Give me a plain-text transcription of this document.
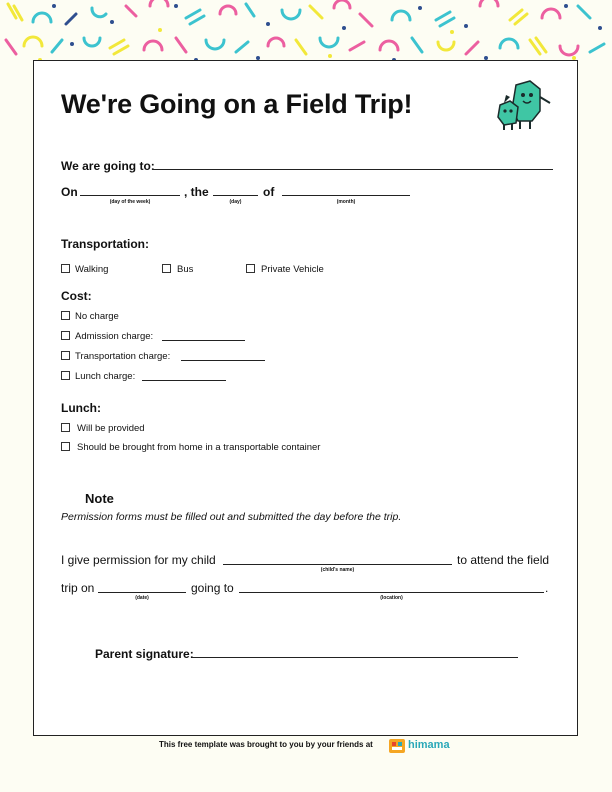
We're Going on a Field Trip!
We are going to:
On
(day of the week)
, the
(day)
of
(month)
Transportation:
Walking	Bus	Private Vehicle
Cost:
No charge
Admission charge:
Transportation charge:
Lunch charge:
Lunch:
Will be provided
Should be brought from home in a transportable container
Note
Permission forms must be filled out and submitted the day before the trip.
I give permission for my child
(child's name)
to attend the field
trip on
(date)
going to
(location)
.
Parent signature:
This free template was brought to you by your friends at	himama
